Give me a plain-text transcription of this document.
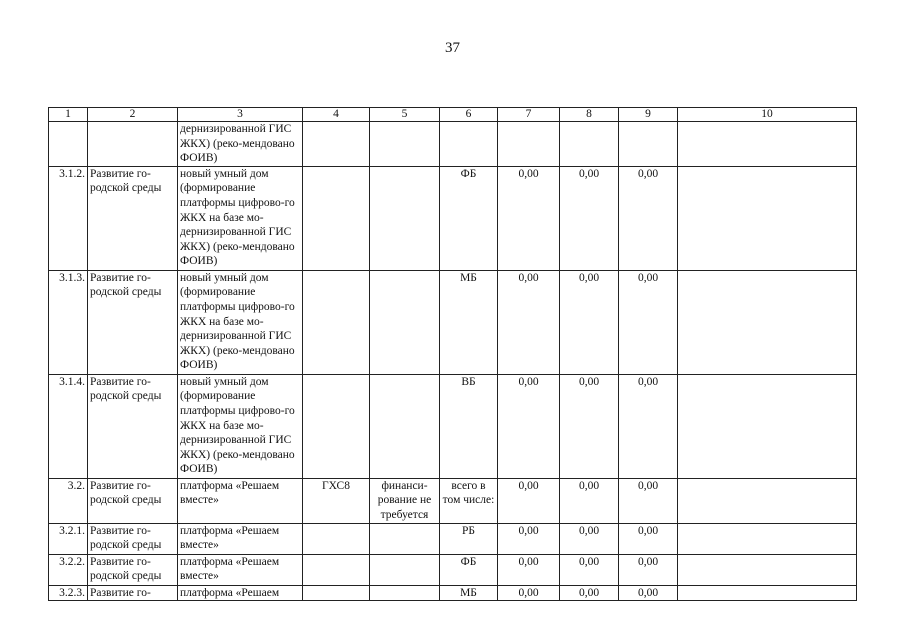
37
1	2	3	4	5	6	7	8	9	10
		дернизированной ГИС ЖКХ) (реко-мендовано ФОИВ)							
3.1.2.	Развитие го-родской среды	новый умный дом (формирование платформы цифрово-го ЖКХ на базе мо-дернизированной ГИС ЖКХ) (реко-мендовано ФОИВ)			ФБ	0,00	0,00	0,00	
3.1.3.	Развитие го-родской среды	новый умный дом (формирование платформы цифрово-го ЖКХ на базе мо-дернизированной ГИС ЖКХ) (реко-мендовано ФОИВ)			МБ	0,00	0,00	0,00	
3.1.4.	Развитие го-родской среды	новый умный дом (формирование платформы цифрово-го ЖКХ на базе мо-дернизированной ГИС ЖКХ) (реко-мендовано ФОИВ)			ВБ	0,00	0,00	0,00	
3.2.	Развитие го-родской среды	платформа «Решаем вместе»	ГХС8	финанси-рование не требуется	всего в том числе:	0,00	0,00	0,00	
3.2.1.	Развитие го-родской среды	платформа «Решаем вместе»			РБ	0,00	0,00	0,00	
3.2.2.	Развитие го-родской среды	платформа «Решаем вместе»			ФБ	0,00	0,00	0,00	
3.2.3.	Развитие го-	платформа «Решаем			МБ	0,00	0,00	0,00	
